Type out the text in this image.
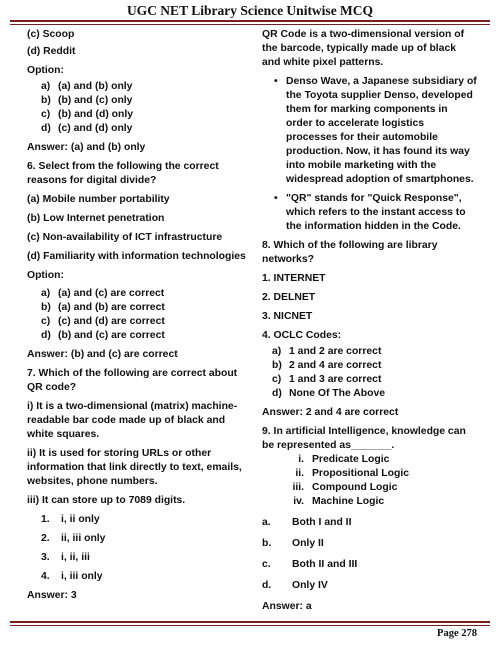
UGC NET Library Science Unitwise MCQ

(c) Scoop

(d) Reddit

Option:

a) (a) and (b) only

b) (b) and (c) only

c) (b) and (d) only

d) (c) and (d) only

Answer: (a) and (b) only

6. Select from the following the correct reasons for digital divide?

(a) Mobile number portability

(b) Low Internet penetration

(c) Non-availability of ICT infrastructure

(d) Familiarity with information technologies

Option:

a) (a) and (c) are correct

b) (a) and (b) are correct

c) (c) and (d) are correct

d) (b) and (c) are correct

Answer: (b) and (c) are correct

7. Which of the following are correct about QR code?

i) It is a two-dimensional (matrix) machine-readable bar code made up of black and white squares.

ii) It is used for storing URLs or other information that link directly to text, emails, websites, phone numbers.

iii) It can store up to 7089 digits.

1. i, ii only

2. ii, iii only

3. i, ii, iii

4. i, iii only

Answer: 3

QR Code is a two-dimensional version of the barcode, typically made up of black and white pixel patterns.

• Denso Wave, a Japanese subsidiary of the Toyota supplier Denso, developed them for marking components in order to accelerate logistics processes for their automobile production. Now, it has found its way into mobile marketing with the widespread adoption of smartphones.

• "QR" stands for "Quick Response", which refers to the instant access to the information hidden in the Code.

8. Which of the following are library networks?

1. INTERNET

2. DELNET

3. NICNET

4. OCLC Codes:

a) 1 and 2 are correct

b) 2 and 4 are correct

c) 1 and 3 are correct

d) None Of The Above

Answer: 2 and 4 are correct

9. In artificial Intelligence, knowledge can be represented as_______.

i. Predicate Logic

ii. Propositional Logic

iii. Compound Logic

iv. Machine Logic

a. Both I and II

b. Only II

c. Both II and III

d. Only IV

Answer: a

Page 278
